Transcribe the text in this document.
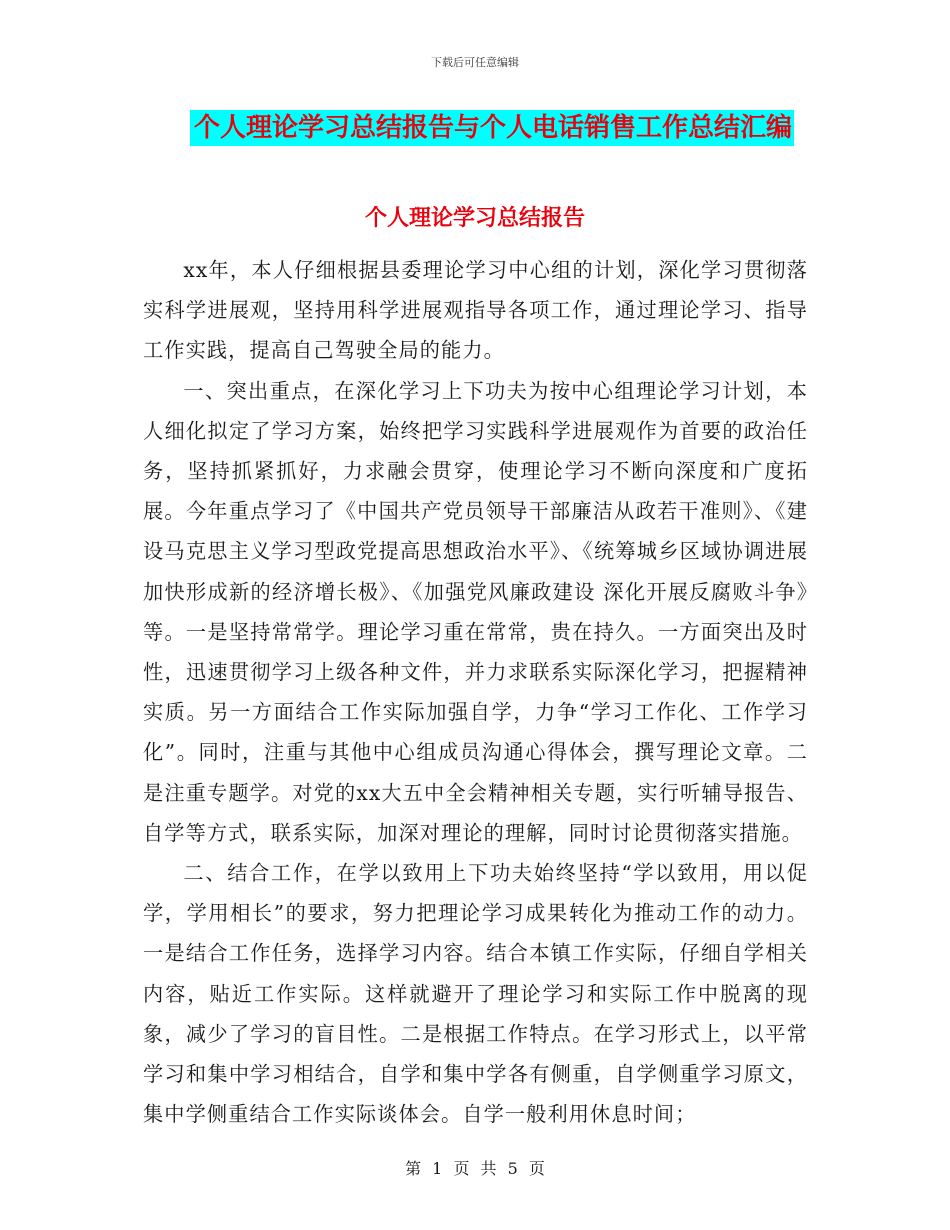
下载后可任意编辑
个人理论学习总结报告与个人电话销售工作总结汇编
个人理论学习总结报告

xx年，本人仔细根据县委理论学习中心组的计划，深化学习贯彻落实科学进展观，坚持用科学进展观指导各项工作，通过理论学习、指导工作实践，提高自己驾驶全局的能力。

一、突出重点，在深化学习上下功夫为按中心组理论学习计划，本人细化拟定了学习方案，始终把学习实践科学进展观作为首要的政治任务，坚持抓紧抓好，力求融会贯穿，使理论学习不断向深度和广度拓展。今年重点学习了《中国共产党员领导干部廉洁从政若干准则》、《建设马克思主义学习型政党提高思想政治水平》、《统筹城乡区域协调进展 加快形成新的经济增长极》、《加强党风廉政建设 深化开展反腐败斗争》等。一是坚持常常学。理论学习重在常常，贵在持久。一方面突出及时性，迅速贯彻学习上级各种文件，并力求联系实际深化学习，把握精神实质。另一方面结合工作实际加强自学，力争“学习工作化、工作学习化”。同时，注重与其他中心组成员沟通心得体会，撰写理论文章。二是注重专题学。对党的xx大五中全会精神相关专题，实行听辅导报告、自学等方式，联系实际，加深对理论的理解，同时讨论贯彻落实措施。

二、结合工作，在学以致用上下功夫始终坚持“学以致用，用以促学，学用相长”的要求，努力把理论学习成果转化为推动工作的动力。一是结合工作任务，选择学习内容。结合本镇工作实际，仔细自学相关内容，贴近工作实际。这样就避开了理论学习和实际工作中脱离的现象，减少了学习的盲目性。二是根据工作特点。在学习形式上，以平常学习和集中学习相结合，自学和集中学各有侧重，自学侧重学习原文，集中学侧重结合工作实际谈体会。自学一般利用休息时间；

第 1 页 共 5 页
